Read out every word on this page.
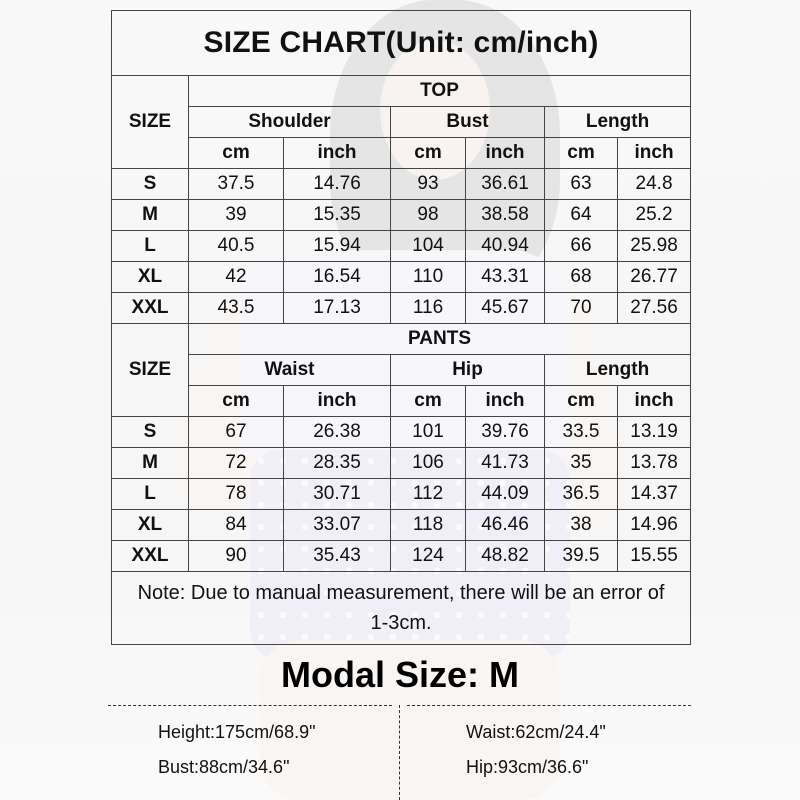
SIZE CHART(Unit: cm/inch)						
SIZE	TOP					
	Shoulder		Bust		Length	
	cm	inch	cm	inch	cm	inch
S	37.5	14.76	93	36.61	63	24.8
M	39	15.35	98	38.58	64	25.2
L	40.5	15.94	104	40.94	66	25.98
XL	42	16.54	110	43.31	68	26.77
XXL	43.5	17.13	116	45.67	70	27.56
SIZE	PANTS					
	Waist		Hip		Length	
	cm	inch	cm	inch	cm	inch
S	67	26.38	101	39.76	33.5	13.19
M	72	28.35	106	41.73	35	13.78
L	78	30.71	112	44.09	36.5	14.37
XL	84	33.07	118	46.46	38	14.96
XXL	90	35.43	124	48.82	39.5	15.55
Note: Due to manual measurement, there will be an error of 1-3cm.						
Modal Size: M
Height:175cm/68.9"	Waist:62cm/24.4"
Bust:88cm/34.6"	Hip:93cm/36.6"
